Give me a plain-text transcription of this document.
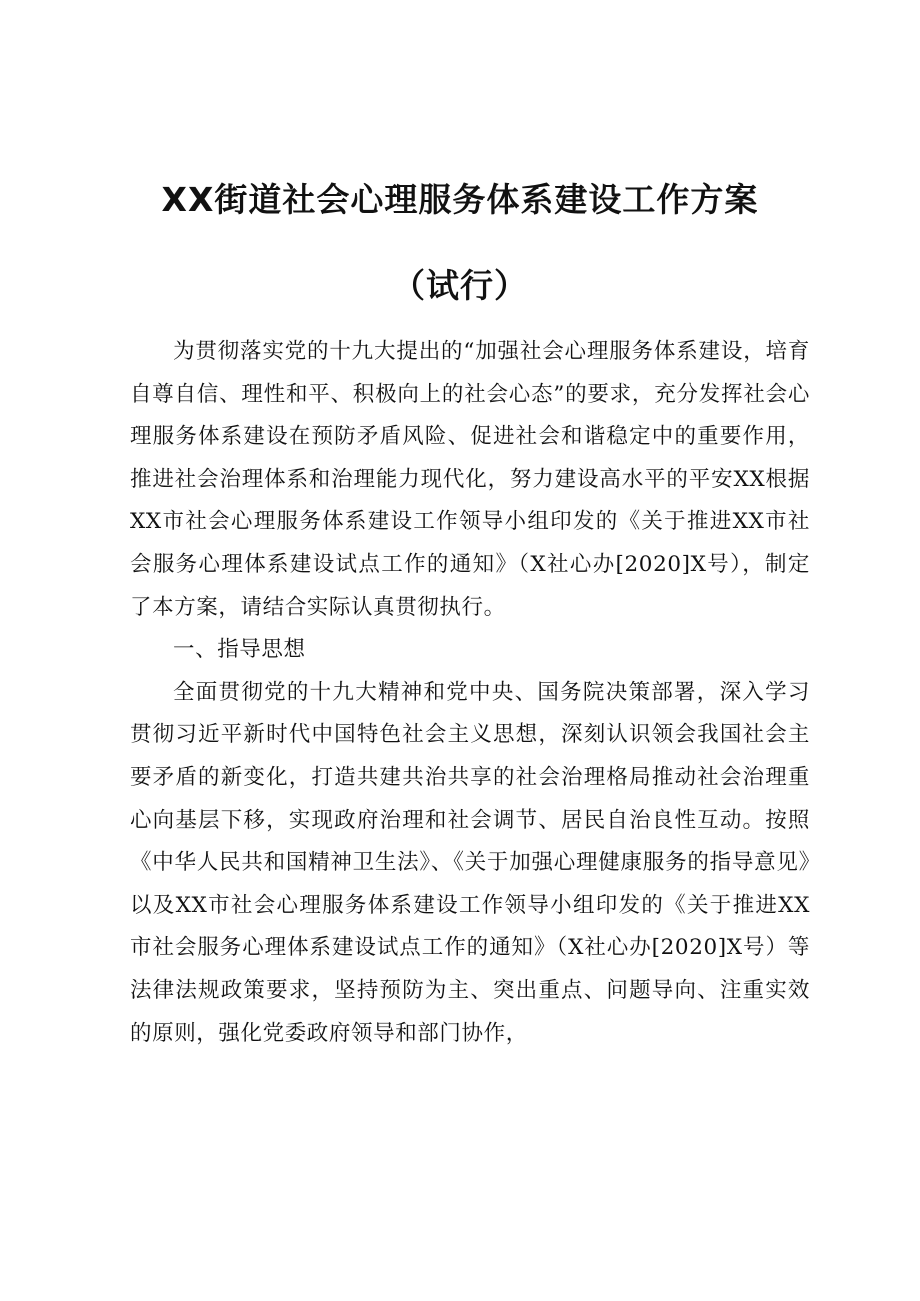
XX街道社会心理服务体系建设工作方案
（试行）

为贯彻落实党的十九大提出的“加强社会心理服务体系建设，培育自尊自信、理性和平、积极向上的社会心态”的要求，充分发挥社会心理服务体系建设在预防矛盾风险、促进社会和谐稳定中的重要作用，推进社会治理体系和治理能力现代化，努力建设高水平的平安XX根据XX市社会心理服务体系建设工作领导小组印发的《关于推进XX市社会服务心理体系建设试点工作的通知》（X社心办[2020]X号），制定了本方案，请结合实际认真贯彻执行。

一、指导思想

全面贯彻党的十九大精神和党中央、国务院决策部署，深入学习贯彻习近平新时代中国特色社会主义思想，深刻认识领会我国社会主要矛盾的新变化，打造共建共治共享的社会治理格局推动社会治理重心向基层下移，实现政府治理和社会调节、居民自治良性互动。按照《中华人民共和国精神卫生法》、《关于加强心理健康服务的指导意见》以及XX市社会心理服务体系建设工作领导小组印发的《关于推进XX市社会服务心理体系建设试点工作的通知》（X社心办[2020]X号）等法律法规政策要求，坚持预防为主、突出重点、问题导向、注重实效的原则，强化党委政府领导和部门协作，
